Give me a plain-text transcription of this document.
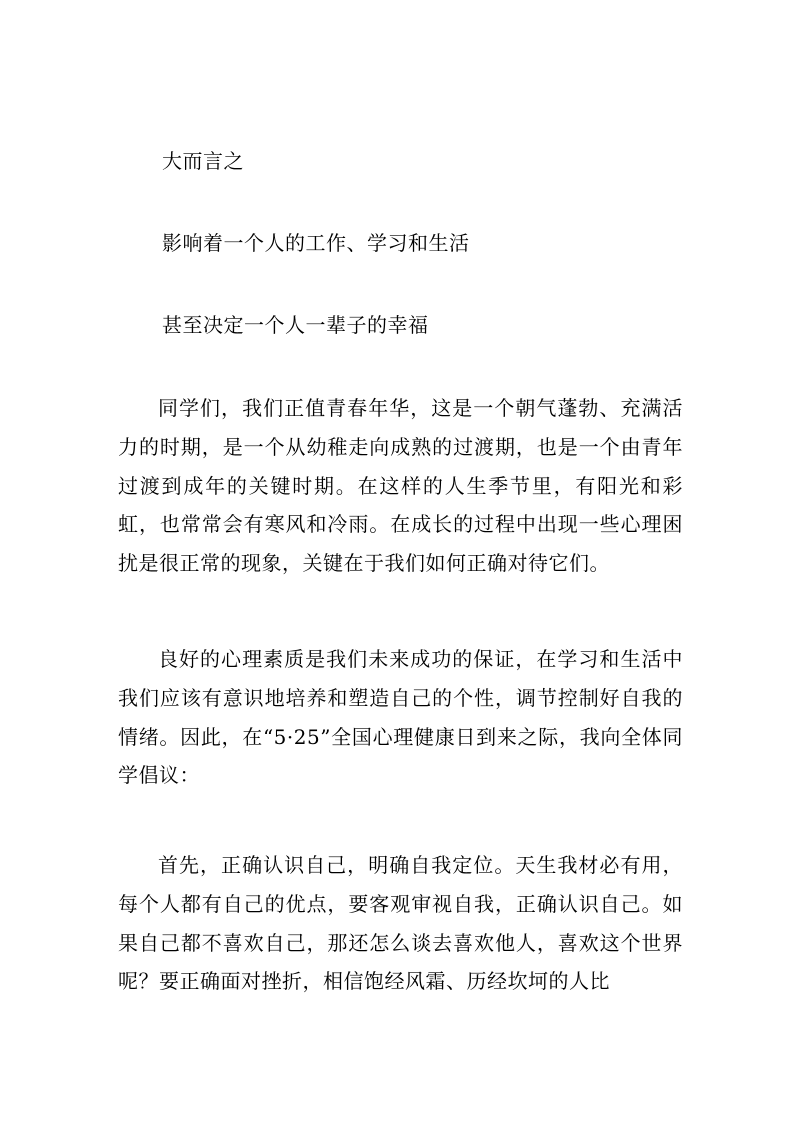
大而言之
影响着一个人的工作、学习和生活
甚至决定一个人一辈子的幸福
同学们，我们正值青春年华，这是一个朝气蓬勃、充满活力的时期，是一个从幼稚走向成熟的过渡期，也是一个由青年过渡到成年的关键时期。在这样的人生季节里，有阳光和彩虹，也常常会有寒风和冷雨。在成长的过程中出现一些心理困扰是很正常的现象，关键在于我们如何正确对待它们。
良好的心理素质是我们未来成功的保证，在学习和生活中我们应该有意识地培养和塑造自己的个性，调节控制好自我的情绪。因此，在“5·25”全国心理健康日到来之际，我向全体同学倡议：
首先，正确认识自己，明确自我定位。天生我材必有用，每个人都有自己的优点，要客观审视自我，正确认识自己。如果自己都不喜欢自己，那还怎么谈去喜欢他人，喜欢这个世界呢？要正确面对挫折，相信饱经风霜、历经坎坷的人比
